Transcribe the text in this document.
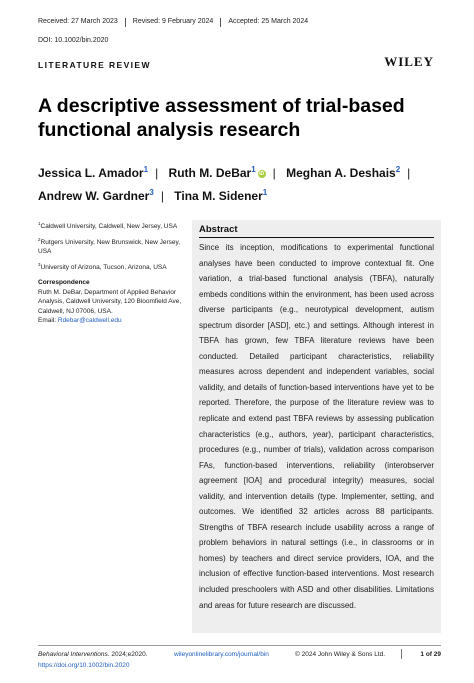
Received: 27 March 2023 Revised: 9 February 2024 Accepted: 25 March 2024
DOI: 10.1002/bin.2020
LITERATURE REVIEW	WILEY
A descriptive assessment of trial-based functional analysis research
Jessica L. Amador$^1$ | Ruth M. DeBar$^1$ iD | Meghan A. Deshais$^2$ |
Andrew W. Gardner$^3$ | Tina M. Sidener$^1$
$^1$Caldwell University, Caldwell, New Jersey, USA
$^2$Rutgers University, New Brunswick, New Jersey, USA
$^3$University of Arizona, Tucson, Arizona, USA
Correspondence
Ruth M. DeBar, Department of Applied Behavior Analysis, Caldwell University, 120 Bloomfield Ave, Caldwell, NJ 07006, USA.
Email: Rdebar@caldwell.edu
Abstract

Since its inception, modifications to experimental functional analyses have been conducted to improve contextual fit. One variation, a trial-based functional analysis (TBFA), naturally embeds conditions within the environment, has been used across diverse participants (e.g., neurotypical development, autism spectrum disorder [ASD], etc.) and settings. Although interest in TBFA has grown, few TBFA literature reviews have been conducted. Detailed participant characteristics, reliability measures across dependent and independent variables, social validity, and details of function-based interventions have yet to be reported. Therefore, the purpose of the literature review was to replicate and extend past TBFA reviews by assessing publication characteristics (e.g., authors, year), participant characteristics, procedures (e.g., number of trials), validation across comparison FAs, function-based interventions, reliability (interobserver agreement [IOA] and procedural integrity) measures, social validity, and intervention details (type. Implementer, setting, and outcomes. We identified 32 articles across 88 participants. Strengths of TBFA research include usability across a range of problem behaviors in natural settings (i.e., in classrooms or in homes) by teachers and direct service providers, IOA, and the inclusion of effective function-based interventions. Most research included preschoolers with ASD and other disabilities. Limitations and areas for future research are discussed.

Behavioral Interventions. 2024;e2020.
https://doi.org/10.1002/bin.2020
wileyonlinelibrary.com/journal/bin	© 2024 John Wiley & Sons Ltd.	1 of 29
